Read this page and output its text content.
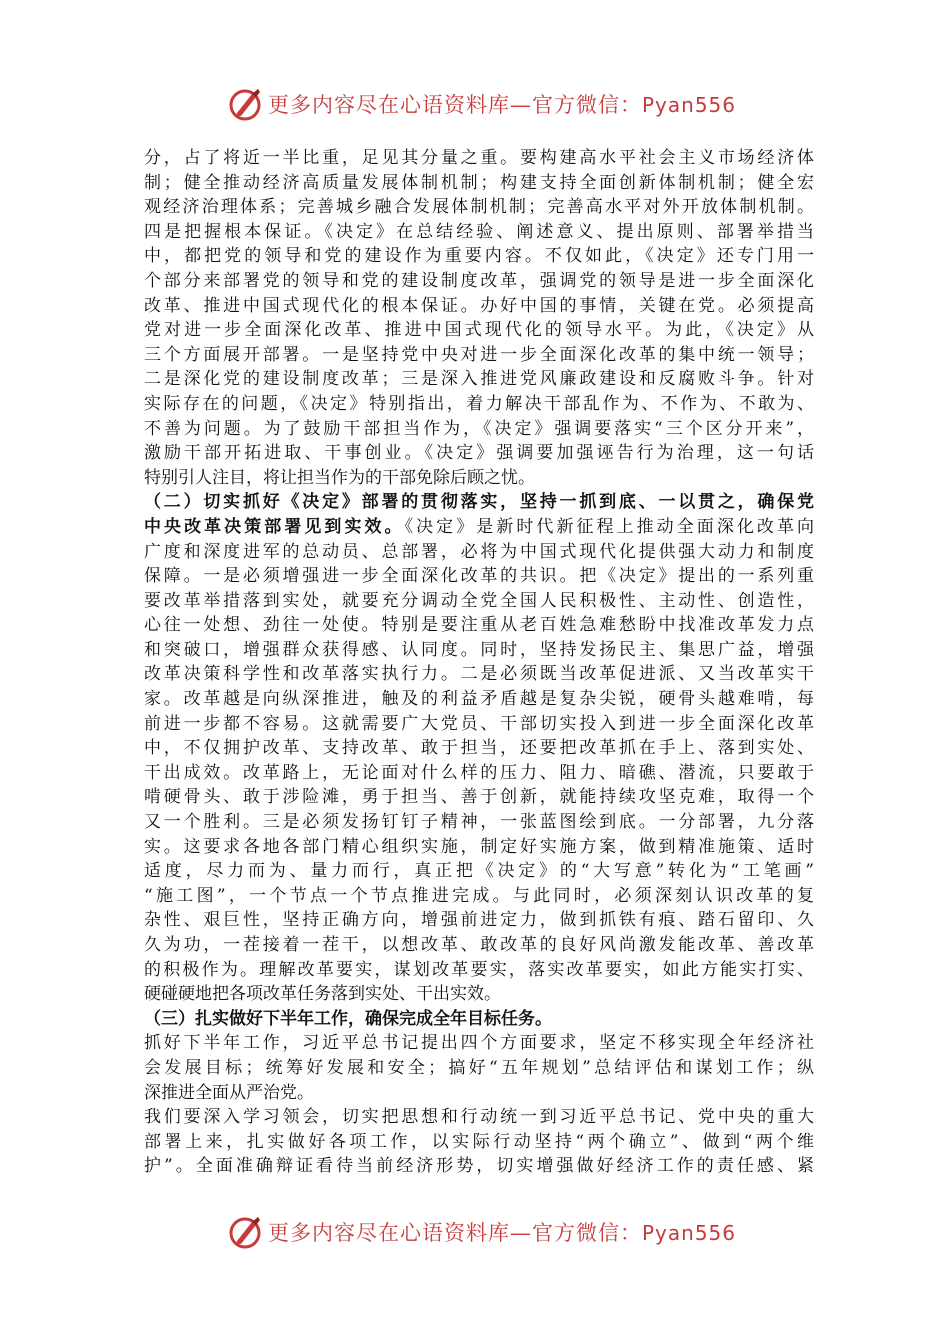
更多内容尽在心语资料库—官方微信：Pyan556
分，占了将近一半比重，足见其分量之重。要构建高水平社会主义市场经济体
制；健全推动经济高质量发展体制机制；构建支持全面创新体制机制；健全宏
观经济治理体系；完善城乡融合发展体制机制；完善高水平对外开放体制机制。
四是把握根本保证。《决定》在总结经验、阐述意义、提出原则、部署举措当
中，都把党的领导和党的建设作为重要内容。不仅如此，《决定》还专门用一
个部分来部署党的领导和党的建设制度改革，强调党的领导是进一步全面深化
改革、推进中国式现代化的根本保证。办好中国的事情，关键在党。必须提高
党对进一步全面深化改革、推进中国式现代化的领导水平。为此，《决定》从
三个方面展开部署。一是坚持党中央对进一步全面深化改革的集中统一领导；
二是深化党的建设制度改革；三是深入推进党风廉政建设和反腐败斗争。针对
实际存在的问题，《决定》特别指出，着力解决干部乱作为、不作为、不敢为、
不善为问题。为了鼓励干部担当作为，《决定》强调要落实“三个区分开来”，
激励干部开拓进取、干事创业。《决定》强调要加强诬告行为治理，这一句话
特别引人注目，将让担当作为的干部免除后顾之忧。
（二）切实抓好《决定》部署的贯彻落实，坚持一抓到底、一以贯之，确保党
中央改革决策部署见到实效。《决定》是新时代新征程上推动全面深化改革向
广度和深度进军的总动员、总部署，必将为中国式现代化提供强大动力和制度
保障。一是必须增强进一步全面深化改革的共识。把《决定》提出的一系列重
要改革举措落到实处，就要充分调动全党全国人民积极性、主动性、创造性，
心往一处想、劲往一处使。特别是要注重从老百姓急难愁盼中找准改革发力点
和突破口，增强群众获得感、认同度。同时，坚持发扬民主、集思广益，增强
改革决策科学性和改革落实执行力。二是必须既当改革促进派、又当改革实干
家。改革越是向纵深推进，触及的利益矛盾越是复杂尖锐，硬骨头越难啃，每
前进一步都不容易。这就需要广大党员、干部切实投入到进一步全面深化改革
中，不仅拥护改革、支持改革、敢于担当，还要把改革抓在手上、落到实处、
干出成效。改革路上，无论面对什么样的压力、阻力、暗礁、潜流，只要敢于
啃硬骨头、敢于涉险滩，勇于担当、善于创新，就能持续攻坚克难，取得一个
又一个胜利。三是必须发扬钉钉子精神，一张蓝图绘到底。一分部署，九分落
实。这要求各地各部门精心组织实施，制定好实施方案，做到精准施策、适时
适度，尽力而为、量力而行，真正把《决定》的“大写意”转化为“工笔画”
“施工图”，一个节点一个节点推进完成。与此同时，必须深刻认识改革的复
杂性、艰巨性，坚持正确方向，增强前进定力，做到抓铁有痕、踏石留印、久
久为功，一茬接着一茬干，以想改革、敢改革的良好风尚激发能改革、善改革
的积极作为。理解改革要实，谋划改革要实，落实改革要实，如此方能实打实、
硬碰硬地把各项改革任务落到实处、干出实效。
（三）扎实做好下半年工作，确保完成全年目标任务。
抓好下半年工作，习近平总书记提出四个方面要求，坚定不移实现全年经济社
会发展目标；统筹好发展和安全；搞好“五年规划”总结评估和谋划工作；纵
深推进全面从严治党。
我们要深入学习领会，切实把思想和行动统一到习近平总书记、党中央的重大
部署上来，扎实做好各项工作，以实际行动坚持“两个确立”、做到“两个维
护”。全面准确辩证看待当前经济形势，切实增强做好经济工作的责任感、紧
更多内容尽在心语资料库—官方微信：Pyan556
